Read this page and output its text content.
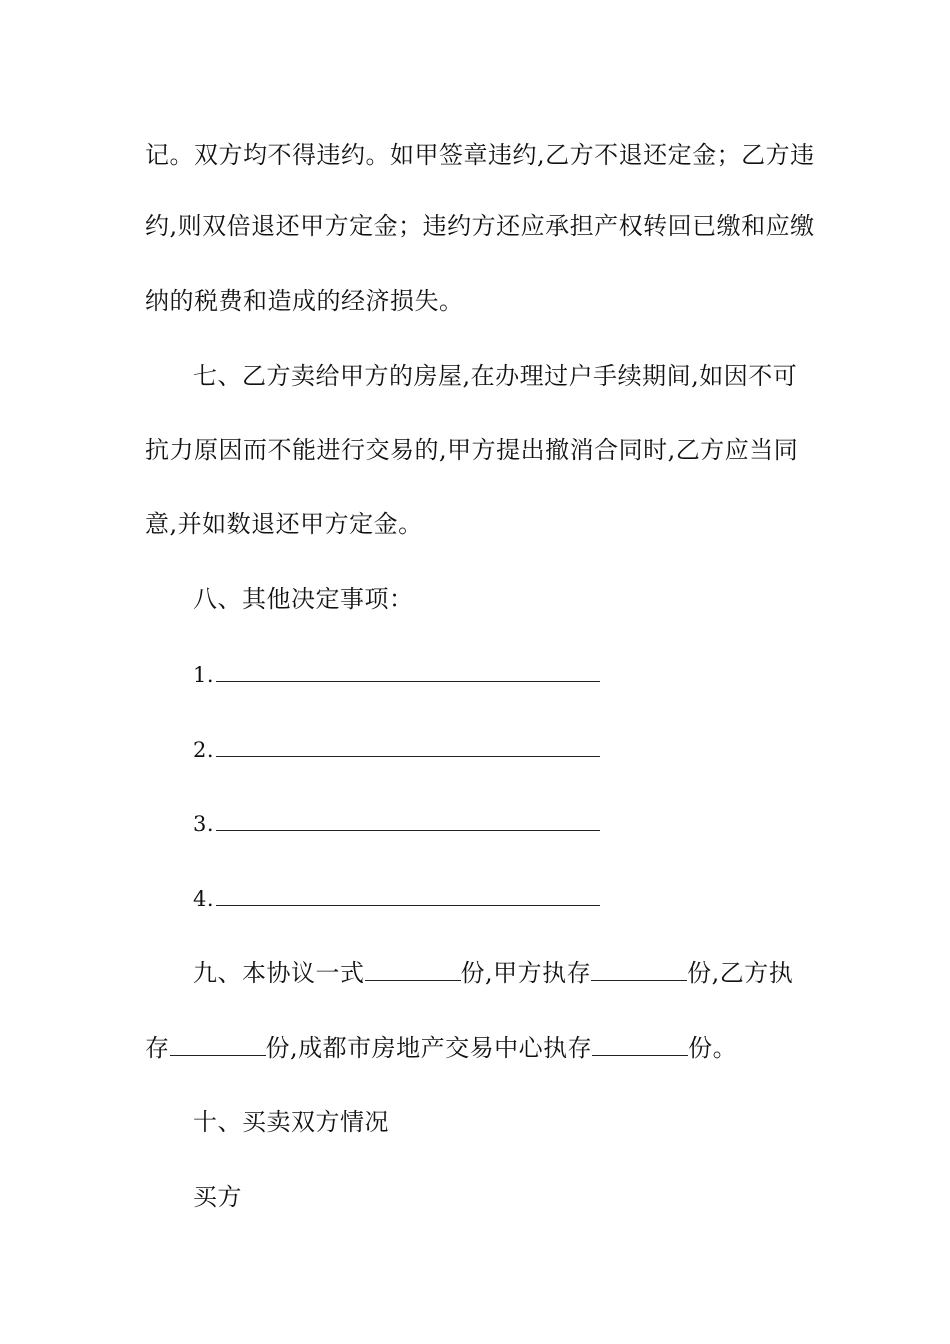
记。双方均不得违约。如甲签章违约,乙方不退还定金；乙方违
约,则双倍退还甲方定金；违约方还应承担产权转回已缴和应缴
纳的税费和造成的经济损失。
七、乙方卖给甲方的房屋,在办理过户手续期间,如因不可
抗力原因而不能进行交易的,甲方提出撤消合同时,乙方应当同
意,并如数退还甲方定金。
八、其他决定事项：
1.
2.
3.
4.
九、本协议一式	份,甲方执存	份,乙方执
存	份,成都市房地产交易中心执存	份。
十、买卖双方情况
买方
